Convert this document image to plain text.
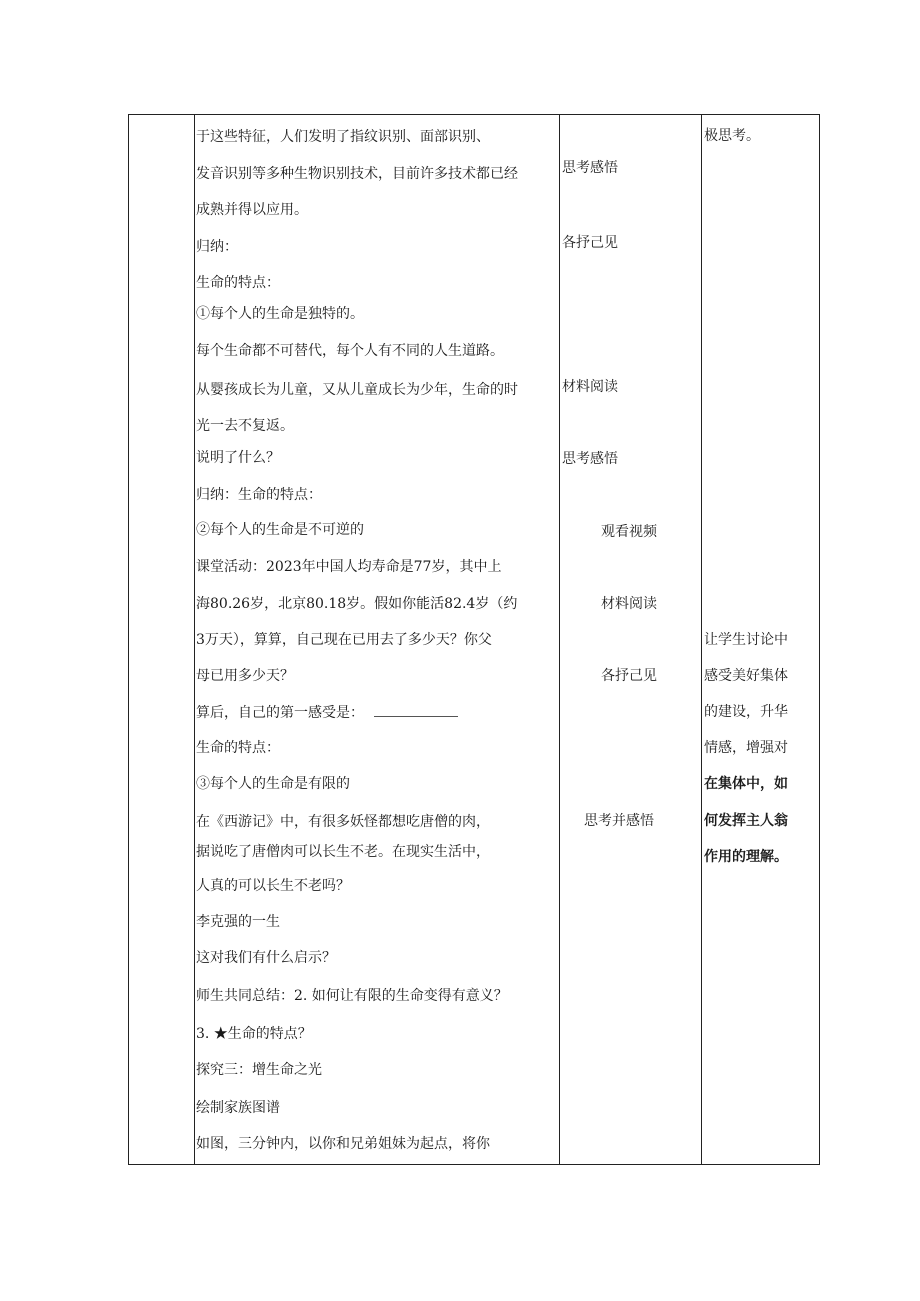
于这些特征，人们发明了指纹识别、面部识别、
发音识别等多种生物识别技术，目前许多技术都已经
成熟并得以应用。
归纳：
生命的特点：
①每个人的生命是独特的。
每个生命都不可替代，每个人有不同的人生道路。
从婴孩成长为儿童，又从儿童成长为少年，生命的时
光一去不复返。
说明了什么？
归纳：生命的特点：
②每个人的生命是不可逆的
课堂活动：2023年中国人均寿命是77岁，其中上
海80.26岁，北京80.18岁。假如你能活82.4岁（约
3万天），算算，自己现在已用去了多少天？你父
母已用多少天？
算后，自己的第一感受是：
生命的特点：
③每个人的生命是有限的
在《西游记》中，有很多妖怪都想吃唐僧的肉，
据说吃了唐僧肉可以长生不老。在现实生活中，
人真的可以长生不老吗？
李克强的一生
这对我们有什么启示？
师生共同总结：2. 如何让有限的生命变得有意义？
3. ★生命的特点？
探究三：增生命之光
绘制家族图谱
如图，三分钟内，以你和兄弟姐妹为起点，将你
思考感悟
各抒己见
材料阅读
思考感悟
观看视频
材料阅读
各抒己见
思考并感悟
极思考。
让学生讨论中
感受美好集体
的建设，升华
情感，增强对
在集体中，如
何发挥主人翁
作用的理解。
